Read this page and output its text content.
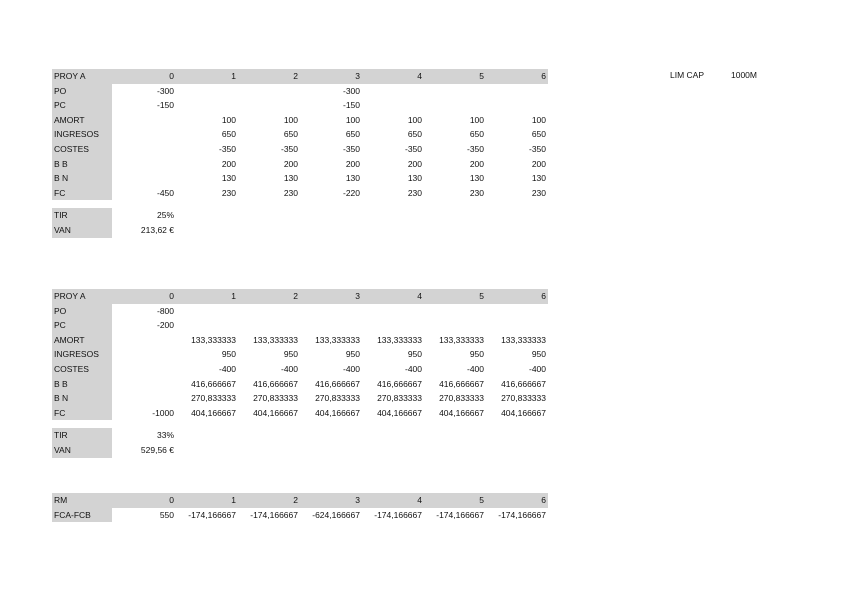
PROY A	0	1	2	3	4	5	6
PO	-300			-300			
PC	-150			-150			
AMORT		100	100	100	100	100	100
INGRESOS		650	650	650	650	650	650
COSTES		-350	-350	-350	-350	-350	-350
B B		200	200	200	200	200	200
B N		130	130	130	130	130	130
FC	-450	230	230	-220	230	230	230

TIR	25%						
VAN	213,62 €						
PROY A	0	1	2	3	4	5	6
PO	-800						
PC	-200						
AMORT		133,333333	133,333333	133,333333	133,333333	133,333333	133,333333
INGRESOS		950	950	950	950	950	950
COSTES		-400	-400	-400	-400	-400	-400
B B		416,666667	416,666667	416,666667	416,666667	416,666667	416,666667
B N		270,833333	270,833333	270,833333	270,833333	270,833333	270,833333
FC	-1000	404,166667	404,166667	404,166667	404,166667	404,166667	404,166667

TIR	33%						
VAN	529,56 €						
RM	0	1	2	3	4	5	6
FCA-FCB	550	-174,166667	-174,166667	-624,166667	-174,166667	-174,166667	-174,166667
LIM CAP	1000M
